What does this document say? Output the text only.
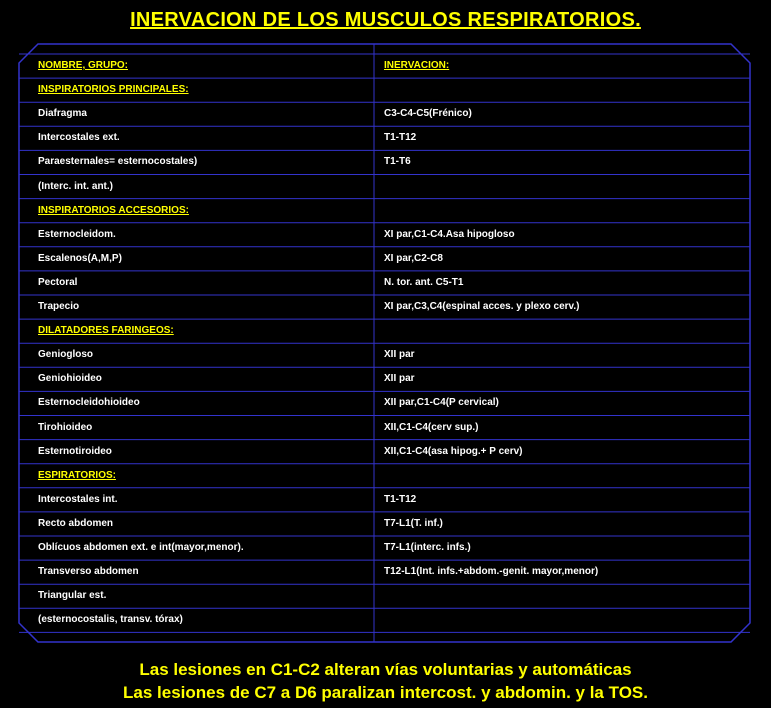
INERVACION DE LOS MUSCULOS RESPIRATORIOS.
NOMBRE, GRUPO:	INERVACION:
INSPIRATORIOS PRINCIPALES:
Diafragma	C3-C4-C5(Frénico)
Intercostales ext.	T1-T12
Paraesternales= esternocostales)	T1-T6
(Interc. int. ant.)
INSPIRATORIOS ACCESORIOS:
Esternocleidom.	XI par,C1-C4.Asa hipogloso
Escalenos(A,M,P)	XI par,C2-C8
Pectoral	N. tor. ant. C5-T1
Trapecio	XI par,C3,C4(espinal acces. y plexo cerv.)
DILATADORES FARINGEOS:
Geniogloso	XII par
Geniohioideo	XII par
Esternocleidohioideo	XII par,C1-C4(P cervical)
Tirohioideo	XII,C1-C4(cerv sup.)
Esternotiroideo	XII,C1-C4(asa hipog.+ P cerv)
ESPIRATORIOS:
Intercostales int.	T1-T12
Recto abdomen	T7-L1(T. inf.)
Oblícuos abdomen ext. e int(mayor,menor).	T7-L1(interc. infs.)
Transverso abdomen	T12-L1(Int. infs.+abdom.-genit. mayor,menor)
Triangular est.
(esternocostalis, transv. tórax)
Las lesiones en C1-C2 alteran vías voluntarias y automáticas
Las lesiones de C7 a D6 paralizan intercost. y abdomin. y la TOS.
